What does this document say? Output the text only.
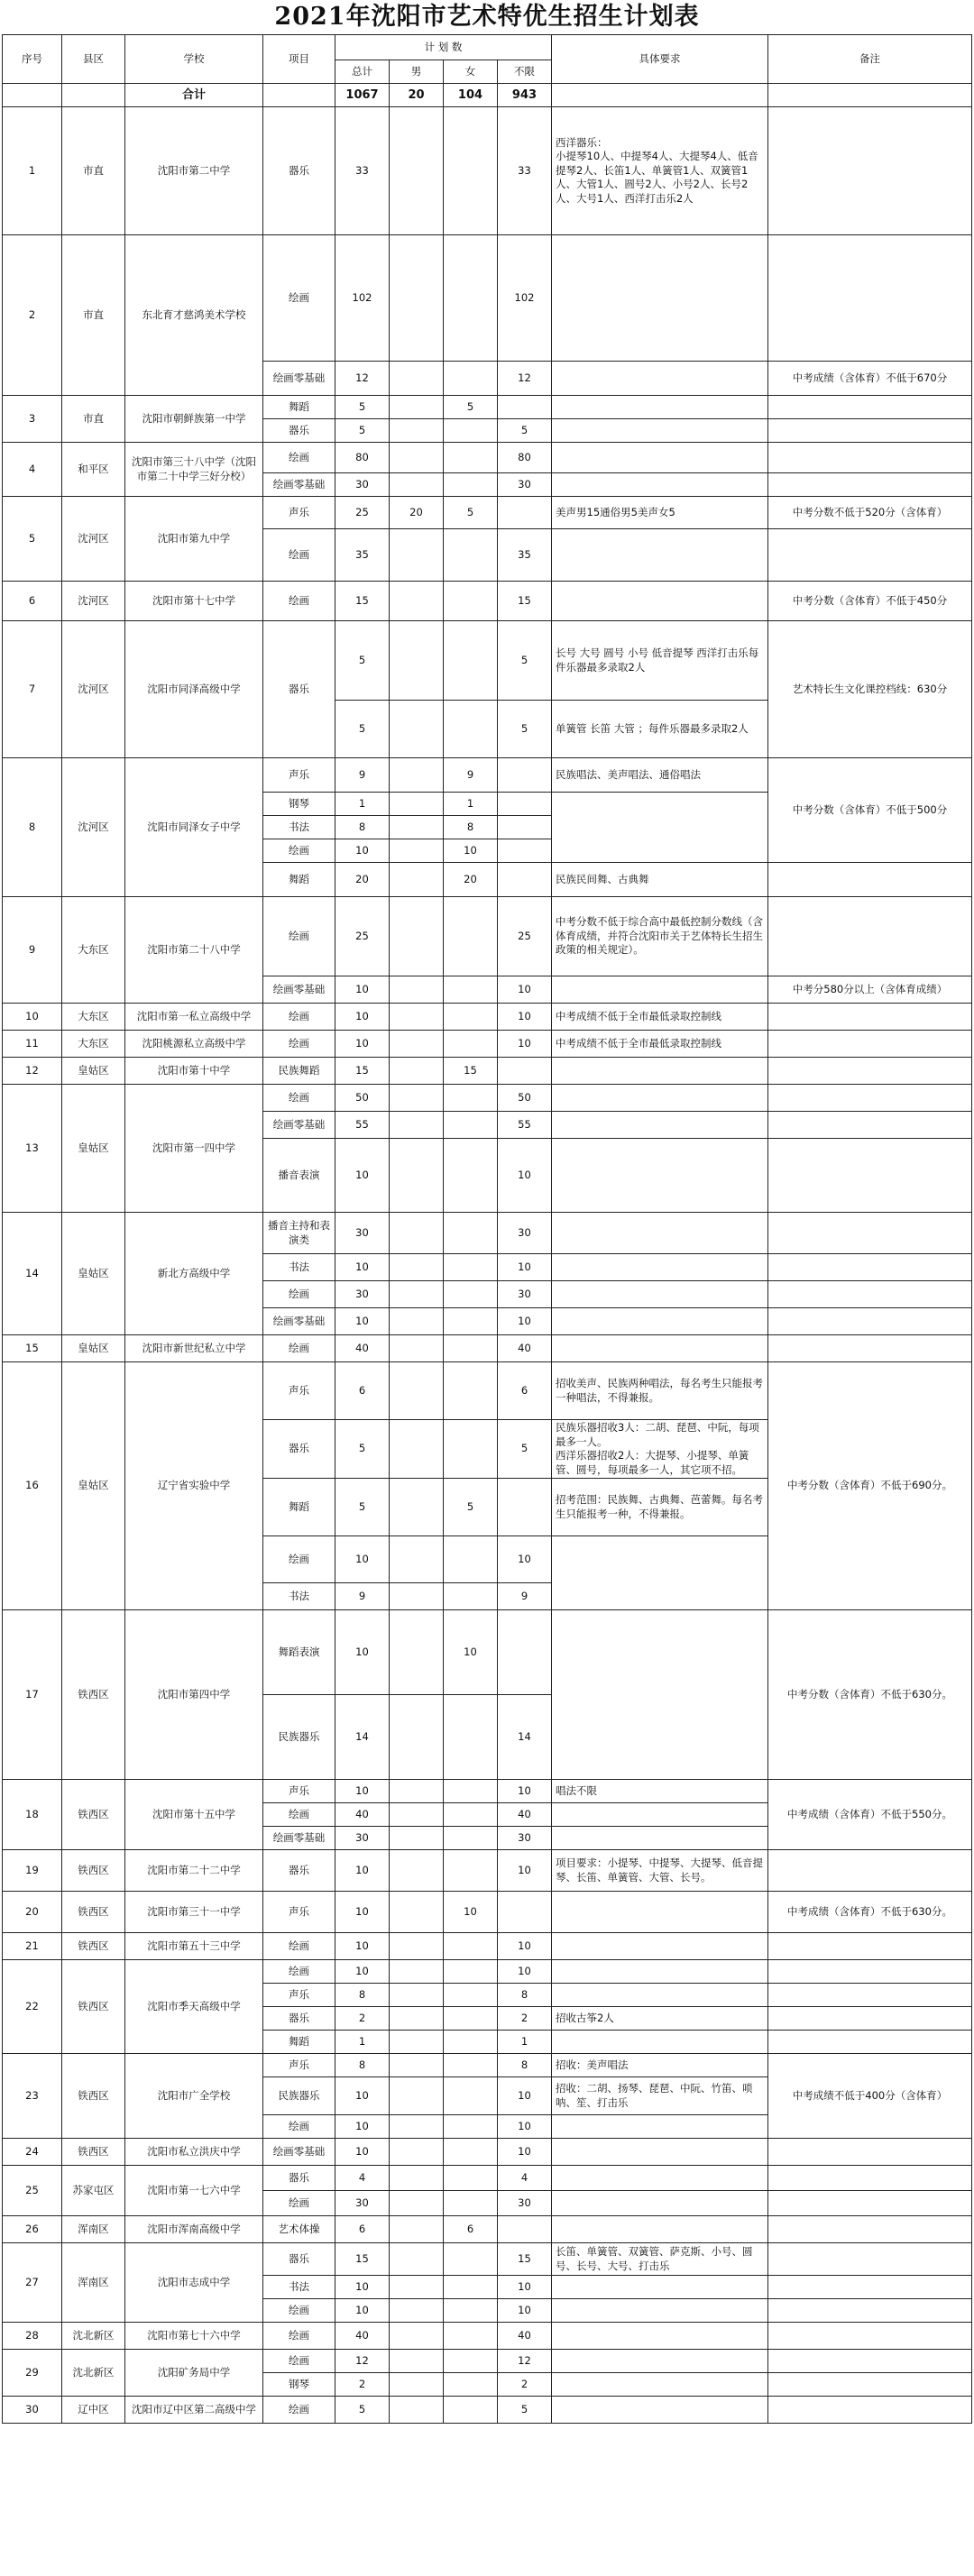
2021年沈阳市艺术特优生招生计划表
序号	县区	学校	项目	计 划 数				具体要求	备注
				总计	男	女	不限		
		合计		1067	20	104	943		
1	市直	沈阳市第二中学	器乐	33			33	西洋器乐：
小提琴10人、中提琴4人、大提琴4人、低音提琴2人、长笛1人、单簧管1人、双簧管1人、大管1人、圆号2人、小号2人、长号2人、大号1人、西洋打击乐2人	
2	市直	东北育才慈鸿美术学校	绘画	102			102		
			绘画零基础	12			12		中考成绩（含体育）不低于670分
3	市直	沈阳市朝鲜族第一中学	舞蹈	5		5			
			器乐	5			5		
4	和平区	沈阳市第三十八中学（沈阳市第二十中学三好分校）	绘画	80			80		
			绘画零基础	30			30		
5	沈河区	沈阳市第九中学	声乐	25	20	5		美声男15通俗男5美声女5	中考分数不低于520分（含体育）
			绘画	35			35		
6	沈河区	沈阳市第十七中学	绘画	15			15		中考分数（含体育）不低于450分
7	沈河区	沈阳市同泽高级中学	器乐	5			5	长号 大号 圆号 小号 低音提琴 西洋打击乐每件乐器最多录取2人	艺术特长生文化课控档线：630分
				5			5	单簧管 长笛 大管 ；每件乐器最多录取2人	
8	沈河区	沈阳市同泽女子中学	声乐	9		9		民族唱法、美声唱法、通俗唱法	中考分数（含体育）不低于500分
			钢琴	1		1			
			书法	8		8			
			绘画	10		10			
			舞蹈	20		20		民族民间舞、古典舞	
9	大东区	沈阳市第二十八中学	绘画	25			25	中考分数不低于综合高中最低控制分数线（含体育成绩，并符合沈阳市关于艺体特长生招生政策的相关规定）。	
			绘画零基础	10			10		中考分580分以上（含体育成绩）
10	大东区	沈阳市第一私立高级中学	绘画	10			10	中考成绩不低于全市最低录取控制线	
11	大东区	沈阳桃源私立高级中学	绘画	10			10	中考成绩不低于全市最低录取控制线	
12	皇姑区	沈阳市第十中学	民族舞蹈	15		15			
13	皇姑区	沈阳市第一四中学	绘画	50			50		
			绘画零基础	55			55		
			播音表演	10			10		
14	皇姑区	新北方高级中学	播音主持和表演类	30			30		
			书法	10			10		
			绘画	30			30		
			绘画零基础	10			10		
15	皇姑区	沈阳市新世纪私立中学	绘画	40			40		
16	皇姑区	辽宁省实验中学	声乐	6			6	招收美声、民族两种唱法，每名考生只能报考一种唱法，不得兼报。	中考分数（含体育）不低于690分。
			器乐	5			5	民族乐器招收3人：二胡、琵琶、中阮，每项最多一人。
西洋乐器招收2人：大提琴、小提琴、单簧管、圆号，每项最多一人，其它项不招。	
			舞蹈	5		5		招考范围：民族舞、古典舞、芭蕾舞。每名考生只能报考一种，不得兼报。	
			绘画	10			10		
			书法	9			9		
17	铁西区	沈阳市第四中学	舞蹈表演	10		10			中考分数（含体育）不低于630分。
			民族器乐	14			14		
18	铁西区	沈阳市第十五中学	声乐	10			10	唱法不限	中考成绩（含体育）不低于550分。
			绘画	40			40		
			绘画零基础	30			30		
19	铁西区	沈阳市第二十二中学	器乐	10			10	项目要求：小提琴、中提琴、大提琴、低音提琴、长笛、单簧管、大管、长号。	
20	铁西区	沈阳市第三十一中学	声乐	10		10			中考成绩（含体育）不低于630分。
21	铁西区	沈阳市第五十三中学	绘画	10			10		
22	铁西区	沈阳市季天高级中学	绘画	10			10		
			声乐	8			8		
			器乐	2			2	招收古筝2人	
			舞蹈	1			1		
23	铁西区	沈阳市广全学校	声乐	8			8	招收：美声唱法	中考成绩不低于400分（含体育）
			民族器乐	10			10	招收：二胡、扬琴、琵琶、中阮、竹笛、唢呐、笙、打击乐	
			绘画	10			10		
24	铁西区	沈阳市私立洪庆中学	绘画零基础	10			10		
25	苏家屯区	沈阳市第一七六中学	器乐	4			4		
			绘画	30			30		
26	浑南区	沈阳市浑南高级中学	艺术体操	6		6			
27	浑南区	沈阳市志成中学	器乐	15			15	长笛、单簧管、双簧管、萨克斯、小号、圆号、长号、大号、打击乐	
			书法	10			10		
			绘画	10			10		
28	沈北新区	沈阳市第七十六中学	绘画	40			40		
29	沈北新区	沈阳矿务局中学	绘画	12			12		
			钢琴	2			2		
30	辽中区	沈阳市辽中区第二高级中学	绘画	5			5		
